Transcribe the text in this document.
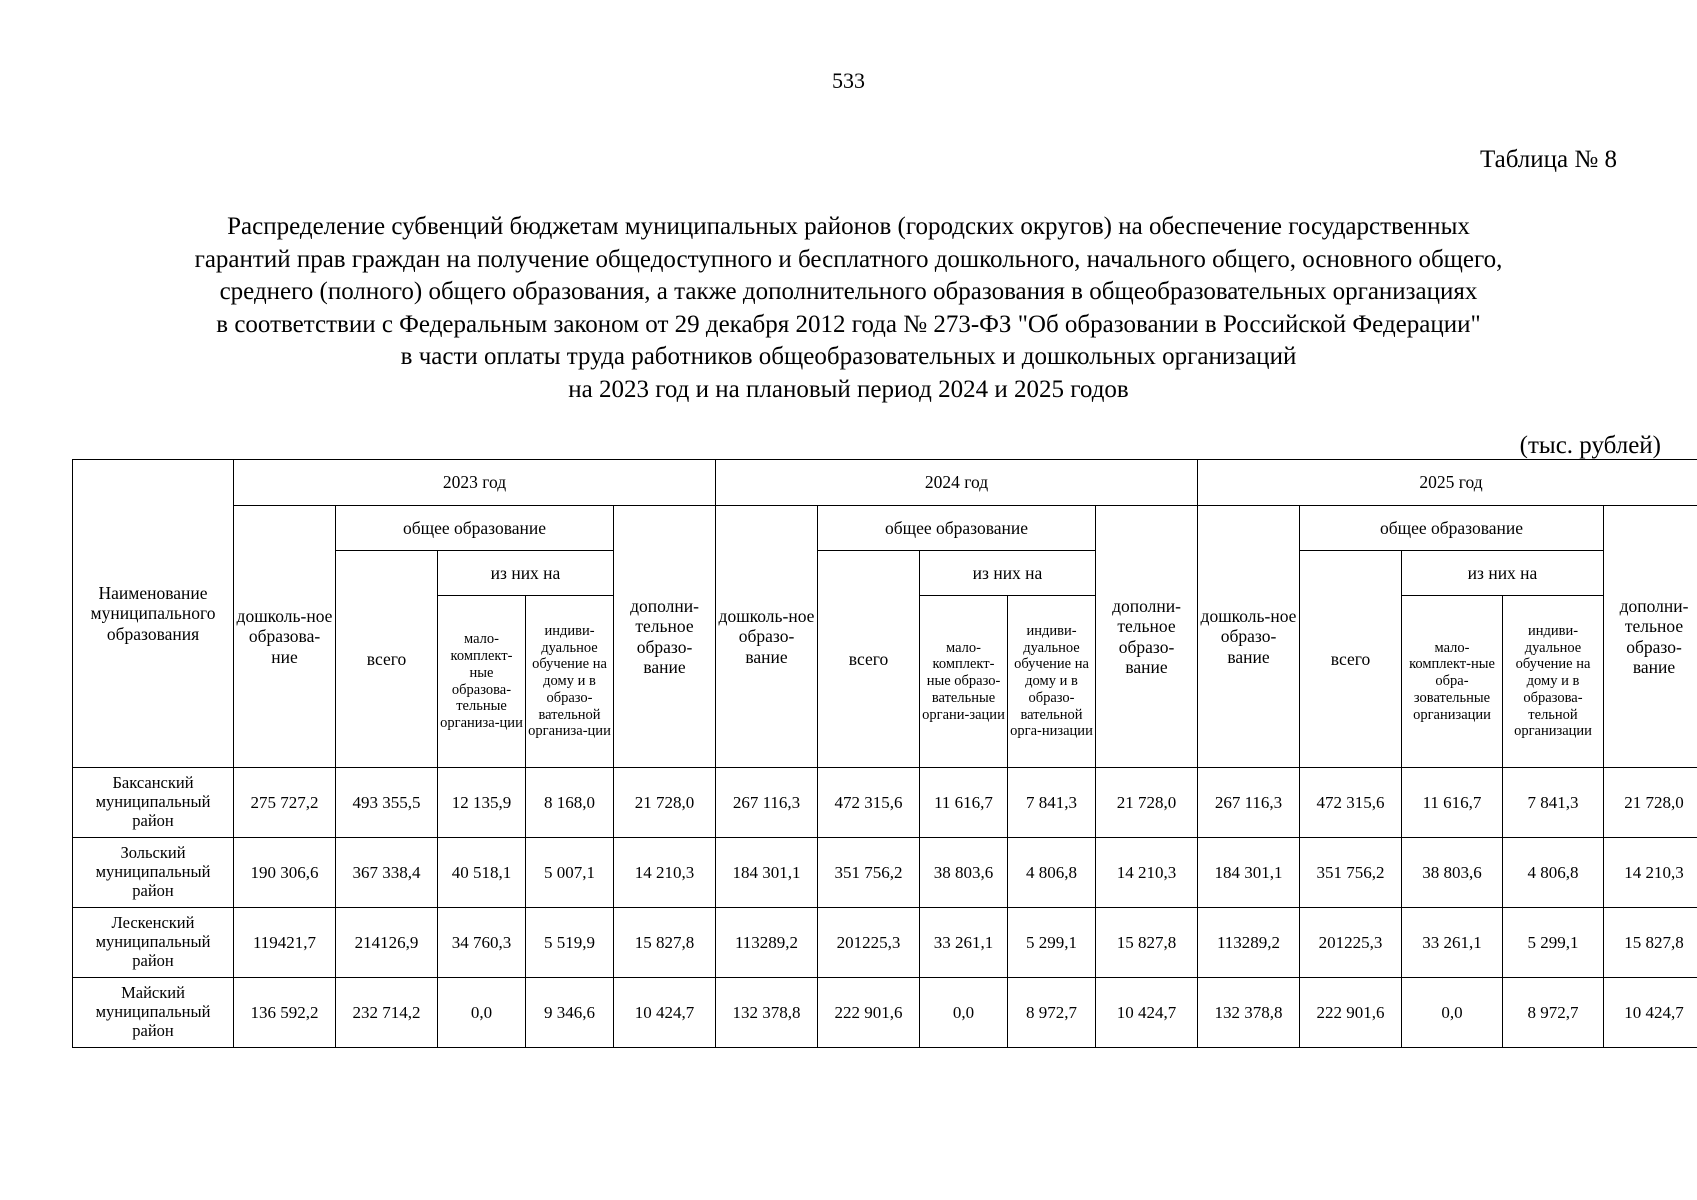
533
Таблица № 8
Распределение субвенций бюджетам муниципальных районов (городских округов) на обеспечение государственных
гарантий прав граждан на получение общедоступного и бесплатного дошкольного, начального общего, основного общего,
среднего (полного) общего образования, а также дополнительного образования в общеобразовательных организациях
в соответствии с Федеральным законом от 29 декабря 2012 года № 273-ФЗ "Об образовании в Российской Федерации"
в части оплаты труда работников общеобразовательных и дошкольных организаций
на 2023 год и на плановый период 2024 и 2025 годов
(тыс. рублей)
Наименование муниципального образования	2023 год					2024 год					2025 год				
	дошколь-ное образова-ние	общее образование			дополни-тельное образо-вание	дошколь-ное образо-вание	общее образование			дополни-тельное образо-вание	дошколь-ное образо-вание	общее образование			дополни-тельное образо-вание
		всего	из них на				всего	из них на				всего	из них на		
			мало-комплект-ные образова-тельные организа-ции	индиви-дуальное обучение на дому и в образо-вательной организа-ции				мало-комплект-ные образо-вательные органи-зации	индиви-дуальное обучение на дому и в образо-вательной орга-низации				мало-комплект-ные обра-зовательные организации	индиви-дуальное обучение на дому и в образова-тельной организации	
Баксанский муниципальный район	275 727,2	493 355,5	12 135,9	8 168,0	21 728,0	267 116,3	472 315,6	11 616,7	7 841,3	21 728,0	267 116,3	472 315,6	11 616,7	7 841,3	21 728,0
Зольский муниципальный район	190 306,6	367 338,4	40 518,1	5 007,1	14 210,3	184 301,1	351 756,2	38 803,6	4 806,8	14 210,3	184 301,1	351 756,2	38 803,6	4 806,8	14 210,3
Лескенский муниципальный район	119421,7	214126,9	34 760,3	5 519,9	15 827,8	113289,2	201225,3	33 261,1	5 299,1	15 827,8	113289,2	201225,3	33 261,1	5 299,1	15 827,8
Майский муниципальный район	136 592,2	232 714,2	0,0	9 346,6	10 424,7	132 378,8	222 901,6	0,0	8 972,7	10 424,7	132 378,8	222 901,6	0,0	8 972,7	10 424,7
